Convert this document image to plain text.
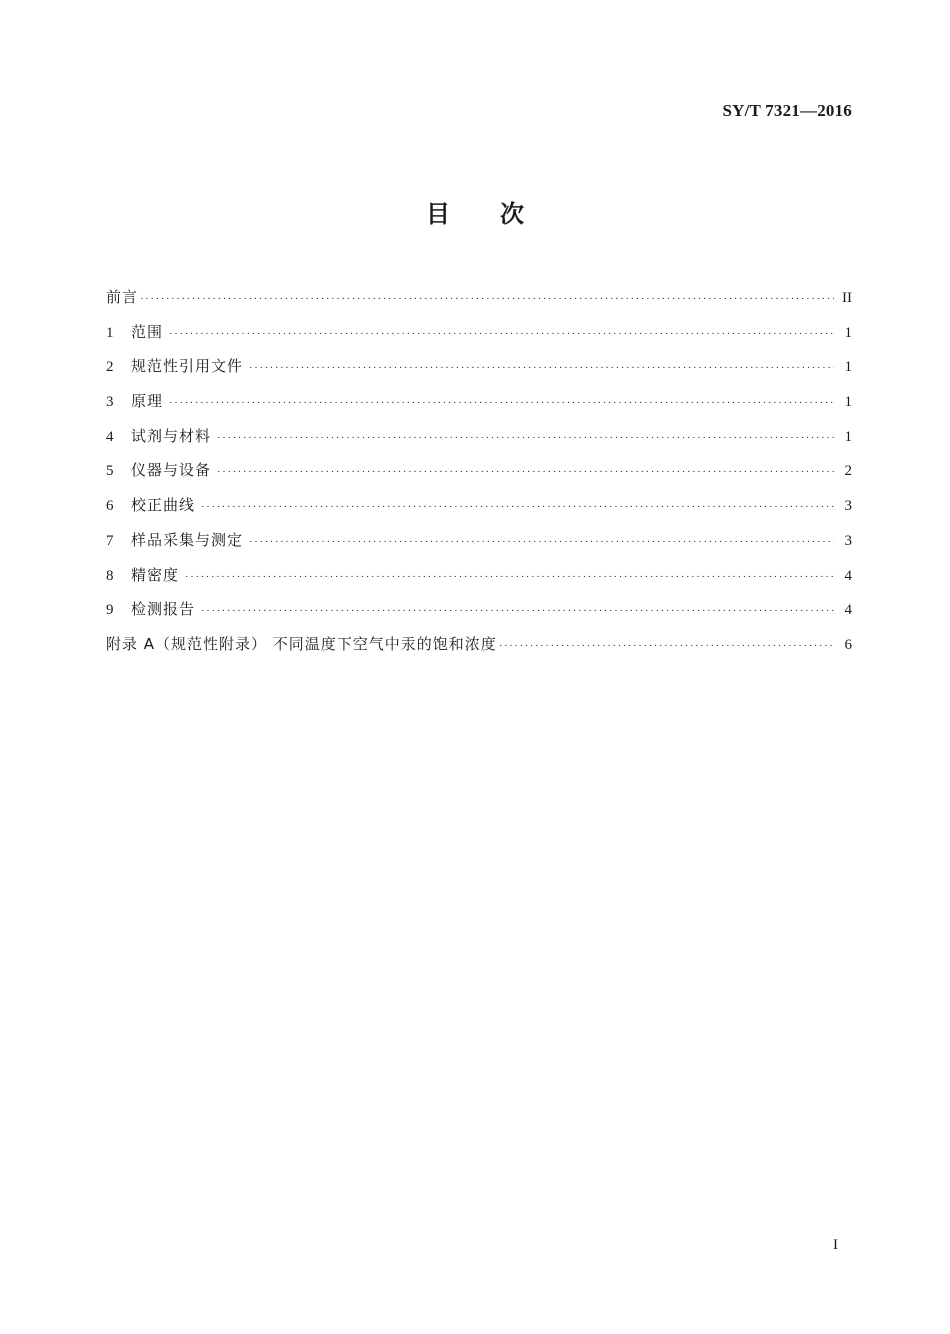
SY/T 7321—2016
目次
前言 ·····	II
1	范围 ·····	1
2	规范性引用文件 ·····	1
3	原理 ·····	1
4	试剂与材料 ·····	1
5	仪器与设备 ·····	2
6	校正曲线 ·····	3
7	样品采集与测定 ·····	3
8	精密度 ·····	4
9	检测报告 ·····	4
附录 A（规范性附录） 不同温度下空气中汞的饱和浓度 ·····	6
I
